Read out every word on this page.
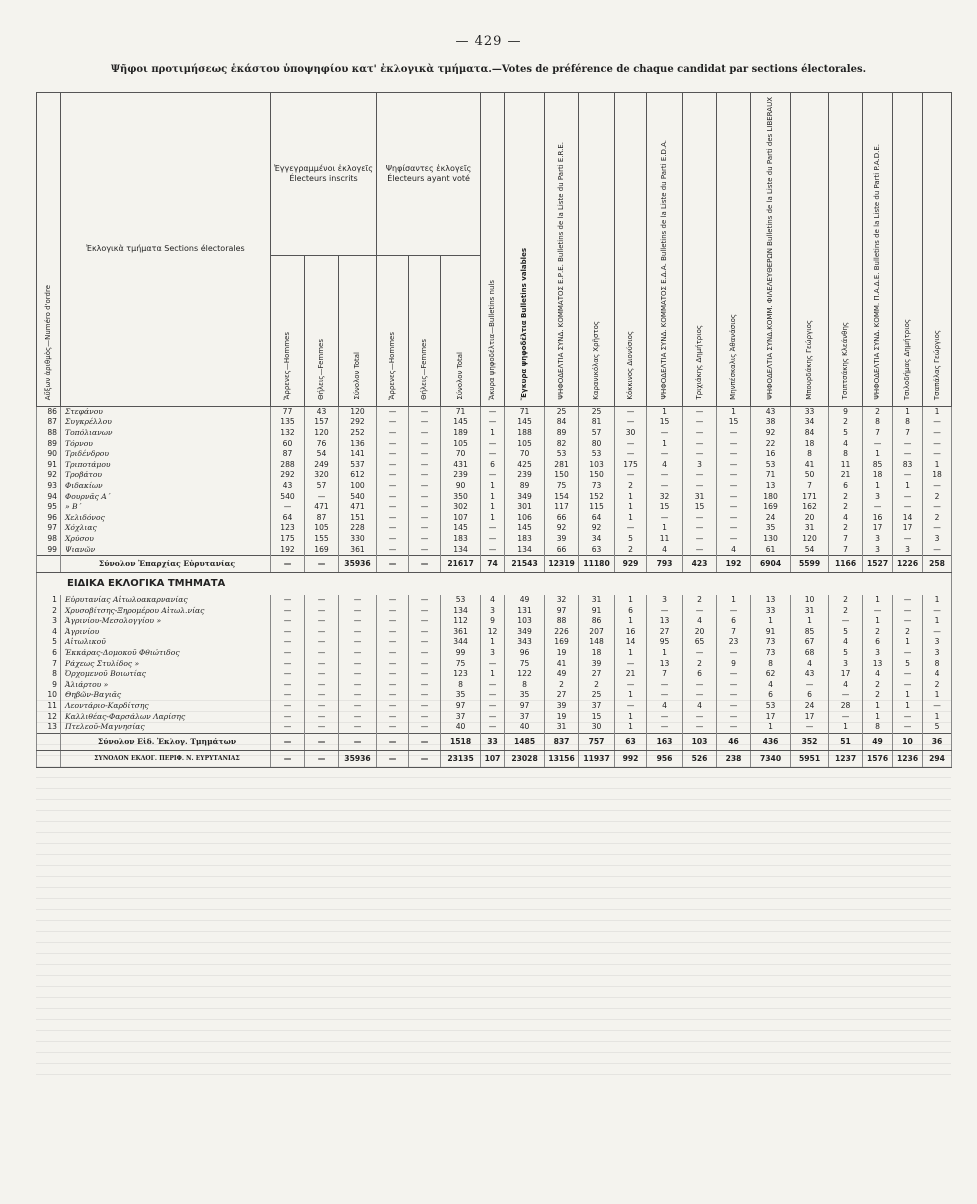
— 429 —
Ψῆφοι προτιμήσεως ἑκάστου ὑποψηφίου κατ' ἐκλογικὰ τμήματα.—Votes de préférence de chaque candidat par sections électorales.
Αὔξων ἀριθμὸς—Numéro d'ordre	Ἐκλογικὰ τμήματα Sections électorales	Ἐγγεγραμμένοι ἐκλογεῖς Électeurs inscrits			Ψηφίσαντες ἐκλογεῖς Électeurs ayant voté			Ἄκυρα ψηφοδέλτια—Bulletins nuls	Ἔγκυρα ψηφοδέλτια Bulletins valables	ΨΗΦΟΔΕΛΤΙΑ ΣΥΝΔ. ΚΟΜΜΑΤΟΣ Ε.Ρ.Ε. Bulletins de la Liste du Parti E.R.E.	Καρανικόλας Χρῆστος	Κόκκινος Διονύσιος	ΨΗΦΟΔΕΛΤΙΑ ΣΥΝΔ. ΚΟΜΜΑΤΟΣ Ε.Δ.Α. Bulletins de la Liste du Parti E.D.A.	Τριχιάκης Δημήτριος	Μηνπέσκαλις Ἀθανάσιος	ΨΗΦΟΔΕΛΤΙΑ ΣΥΝΔ.ΚΟΜΜ. ΦΙΛΕΛΕΥΘΕΡΩΝ Bulletins de la Liste du Parti des LIBERAUX	Μπουρδάκης Γεώργιος	Τσιπτσάκης Κλεάνθης	ΨΗΦΟΔΕΛΤΙΑ ΣΥΝΔ. ΚΟΜΜ. Π.Α.Δ.Ε. Bulletins de la Liste du Parti P.A.D.E.	Τσιλοδήμας Δημήτριος	Τσαπάλας Γεώργιος
		Ἄρρενες—Hommes	Θήλεις—Femmes	Σύνολον Total	Ἄρρενες—Hommes	Θήλεις—Femmes	Σύνολον Total														
86	Στεφάνου	77	43	120	—	—	71	—	71	25	25	—	1	—	1	43	33	9	2	1	1
87	Συγκρέλλου	135	157	292	—	—	145	—	145	84	81	—	15	—	15	38	34	2	8	8	—
88	Τοπόλιανων	132	120	252	—	—	189	1	188	89	57	30	—	—	—	92	84	5	7	7	—
89	Τόρνου	60	76	136	—	—	105	—	105	82	80	—	1	—	—	22	18	4	—	—	—
90	Τριδένδρου	87	54	141	—	—	70	—	70	53	53	—	—	—	—	16	8	8	1	—	—
91	Τριποτάμου	288	249	537	—	—	431	6	425	281	103	175	4	3	—	53	41	11	85	83	1
92	Τροβάτου	292	320	612	—	—	239	—	239	150	150	—	—	—	—	71	50	21	18	—	18
93	Φιδακίων	43	57	100	—	—	90	1	89	75	73	2	—	—	—	13	7	6	1	1	—
94	Φουρνᾶς Α΄	540	—	540	—	—	350	1	349	154	152	1	32	31	—	180	171	2	3	—	2
95	» Β΄	—	471	471	—	—	302	1	301	117	115	1	15	15	—	169	162	2	—	—	—
96	Χελιδόνος	64	87	151	—	—	107	1	106	66	64	1	—	—	—	24	20	4	16	14	2
97	Χόχλιας	123	105	228	—	—	145	—	145	92	92	—	1	—	—	35	31	2	17	17	—
98	Χρύσου	175	155	330	—	—	183	—	183	39	34	5	11	—	—	130	120	7	3	—	3
99	Ψιανῶν	192	169	361	—	—	134	—	134	66	63	2	4	—	4	61	54	7	3	3	—
	Σύνολον Ἐπαρχίας Εὐρυτανίας	—	—	35936	—	—	21617	74	21543	12319	11180	929	793	423	192	6904	5599	1166	1527	1226	258
ΕΙΔΙΚΑ ΕΚΛΟΓΙΚΑ ΤΜΗΜΑΤΑ																					
1	Εὐρυτανίας Αἰτωλοακαρνανίας	—	—	—	—	—	53	4	49	32	31	1	3	2	1	13	10	2	1	—	1
2	Χρυσοβίτσης-Ξηρομέρου Αἰτωλ.νίας	—	—	—	—	—	134	3	131	97	91	6	—	—	—	33	31	2	—	—	—
3	Ἀγρινίου-Μεσολογγίου »	—	—	—	—	—	112	9	103	88	86	1	13	4	6	1	1	—	1	—	1
4	Ἀγρινίου	—	—	—	—	—	361	12	349	226	207	16	27	20	7	91	85	5	2	2	—
5	Αἰτωλικοῦ	—	—	—	—	—	344	1	343	169	148	14	95	65	23	73	67	4	6	1	3
6	Ἑκκάρας-Δομοκοῦ Φθιώτιδος	—	—	—	—	—	99	3	96	19	18	1	1	—	—	73	68	5	3	—	3
7	Ράχεως Στυλίδος »	—	—	—	—	—	75	—	75	41	39	—	13	2	9	8	4	3	13	5	8
8	Ὀρχομενοῦ Βοιωτίας	—	—	—	—	—	123	1	122	49	27	21	7	6	—	62	43	17	4	—	4
9	Ἀλιάρτου »	—	—	—	—	—	8	—	8	2	2	—	—	—	—	4	—	4	2	—	2
10	Θηβῶν-Βαγιᾶς	—	—	—	—	—	35	—	35	27	25	1	—	—	—	6	6	—	2	1	1
11	Λεοντάριο-Καρδίτσης	—	—	—	—	—	97	—	97	39	37	—	4	4	—	53	24	28	1	1	—
12	Καλλιθέας-Φαρσάλων Λαρίσης	—	—	—	—	—	37	—	37	19	15	1	—	—	—	17	17	—	1	—	1
13	Πτελεοῦ-Μαγνησίας	—	—	—	—	—	40	—	40	31	30	1	—	—	—	1	—	1	8	—	5
	Σύνολον Εἰδ. Ἐκλογ. Τμημάτων	—	—	—	—	—	1518	33	1485	837	757	63	163	103	46	436	352	51	49	10	36
	ΣΥΝΟΛΟΝ ΕΚΛΟΓ. ΠΕΡΙΦ. Ν. ΕΥΡΥΤΑΝΙΑΣ	—	—	35936	—	—	23135	107	23028	13156	11937	992	956	526	238	7340	5951	1237	1576	1236	294
